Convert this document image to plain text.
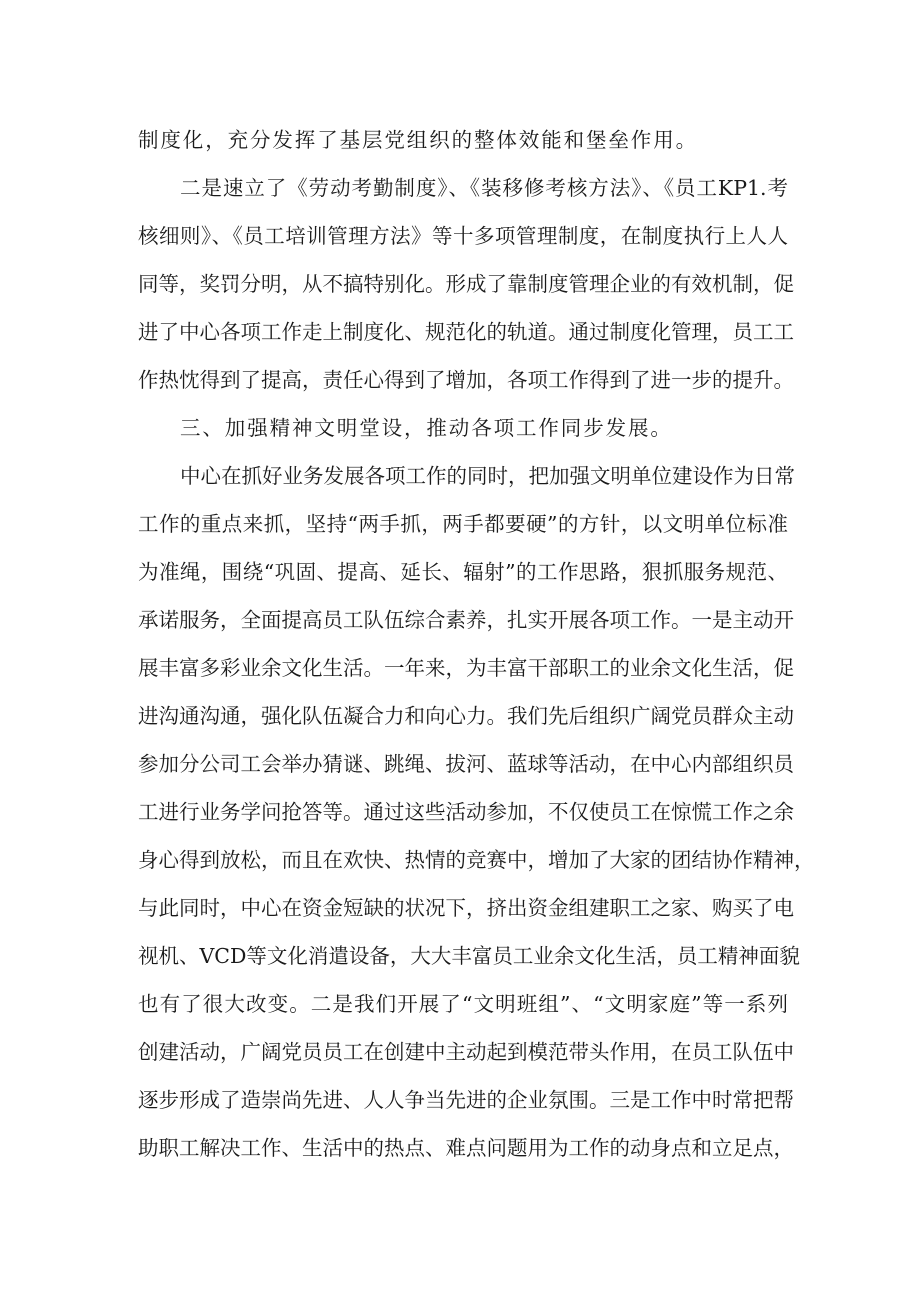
制度化，充分发挥了基层党组织的整体效能和堡垒作用。
二是速立了《劳动考勤制度》、《装移修考核方法》、《员工KP1.考
核细则》、《员工培训管理方法》等十多项管理制度，在制度执行上人人
同等，奖罚分明，从不搞特别化。形成了靠制度管理企业的有效机制，促
进了中心各项工作走上制度化、规范化的轨道。通过制度化管理，员工工
作热忱得到了提高，责任心得到了增加，各项工作得到了进一步的提升。
三、加强精神文明堂设，推动各项工作同步发展。
中心在抓好业务发展各项工作的同时，把加强文明单位建设作为日常
工作的重点来抓，坚持“两手抓，两手都要硬”的方针，以文明单位标准
为准绳，围绕“巩固、提高、延长、辐射”的工作思路，狠抓服务规范、
承诺服务，全面提高员工队伍综合素养，扎实开展各项工作。一是主动开
展丰富多彩业余文化生活。一年来，为丰富干部职工的业余文化生活，促
进沟通沟通，强化队伍凝合力和向心力。我们先后组织广阔党员群众主动
参加分公司工会举办猜谜、跳绳、拔河、蓝球等活动，在中心内部组织员
工进行业务学问抢答等。通过这些活动参加，不仅使员工在惊慌工作之余
身心得到放松，而且在欢快、热情的竞赛中，增加了大家的团结协作精神，
与此同时，中心在资金短缺的状况下，挤出资金组建职工之家、购买了电
视机、VCD等文化消遣设备，大大丰富员工业余文化生活，员工精神面貌
也有了很大改变。二是我们开展了“文明班组”、“文明家庭”等一系列
创建活动，广阔党员员工在创建中主动起到模范带头作用，在员工队伍中
逐步形成了造崇尚先进、人人争当先进的企业氛围。三是工作中时常把帮
助职工解决工作、生活中的热点、难点问题用为工作的动身点和立足点，
